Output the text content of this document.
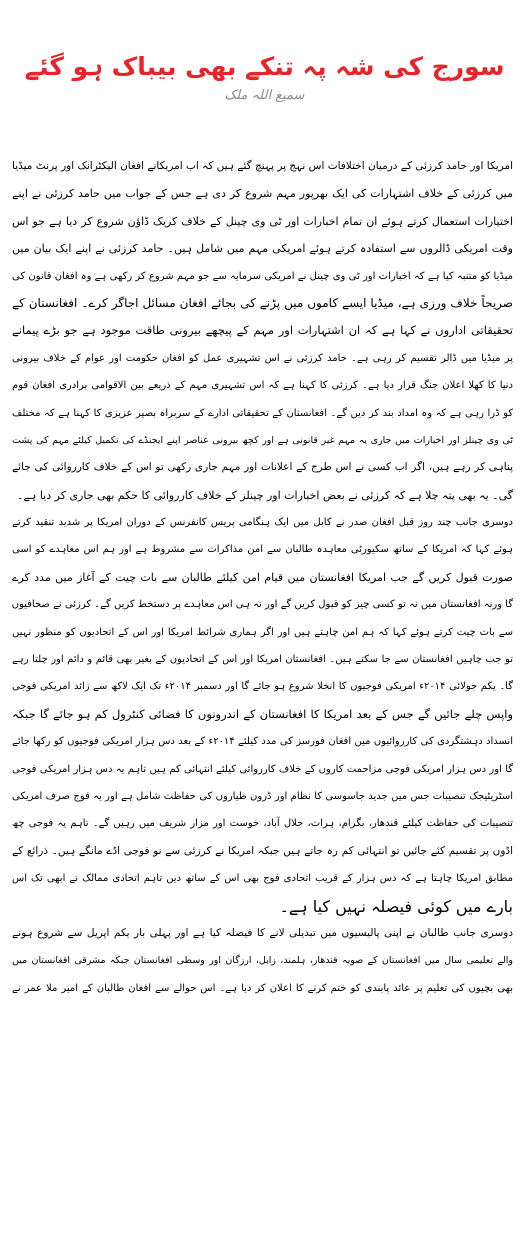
سورج کی شہ پہ تنکے بھی بیباک ہو گئے
سمیع اللہ ملک
امریکا اور حامد کرزئی کے درمیان اختلافات اس نہج پر پہنچ گئے ہیں کہ اب امریکانے افغان الیکٹرانک اور پرنٹ میڈیا
میں کرزئی کے خلاف اشتہارات کی ایک بھرپور مہم شروع کر دی ہے جس کے جواب میں حامد کرزئی نے اپنے
اختیارات استعمال کرتے ہوئے ان تمام اخبارات اور ٹی وی چینل کے خلاف کریک ڈاؤن شروع کر دیا ہے جو اس
وقت امریکی ڈالروں سے استفادہ کرتے ہوئے امریکی مہم میں شامل ہیں۔ حامد کرزئی نے اپنے ایک بیان میں
میڈیا کو متنبہ کیا ہے کہ اخبارات اور ٹی وی چینل نے امریکی سرمایہ سے جو مہم شروع کر رکھی ہے وہ افغان قانون کی
صریحاً خلاف ورزی ہے، میڈیا ایسے کاموں میں پڑنے کی بجائے افغان مسائل اجاگر کرے۔ افغانستان کے
تحقیقاتی اداروں نے کہا ہے کہ ان اشتہارات اور مہم کے پیچھے بیرونی طاقت موجود ہے جو بڑے پیمانے
پر میڈیا میں ڈالر تقسیم کر رہی ہے۔ حامد کرزئی نے اس تشہیری عمل کو افغان حکومت اور عوام کے خلاف بیرونی
دنیا کا کھلا اعلان جنگ قرار دیا ہے۔ کرزئی کا کہنا ہے کہ اس تشہیری مہم کے ذریعے بین الاقوامی برادری افغان قوم
کو ڈرا رہی ہے کہ وہ امداد بند کر دیں گے۔ افغانستان کے تحقیقاتی ادارے کے سربراہ بصیر عزیزی کا کہنا ہے کہ مختلف
ٹی وی چینلز اور اخبارات میں جاری یہ مہم غیر قانونی ہے اور کچھ بیرونی عناصر اپنے ایجنڈے کی تکمیل کیلئے مہم کی پشت
پناہی کر رہے ہیں، اگر اب کسی نے اس طرح کے اعلانات اور مہم جاری رکھی تو اس کے خلاف کارروائی کی جائے
گی۔ یہ بھی پتہ چلا ہے کہ کرزئی نے بعض اخبارات اور چینلز کے خلاف کارروائی کا حکم بھی جاری کر دیا ہے۔
دوسری جانب چند روز قبل افغان صدر نے کابل میں ایک ہنگامی پریس کانفرنس کے دوران امریکا پر شدید تنقید کرتے
ہوئے کہا کہ امریکا کے ساتھ سکیورٹی معاہدہ طالبان سے امن مذاکرات سے مشروط ہے اور ہم اس معاہدے کو اسی
صورت قبول کریں گے جب امریکا افغانستان میں قیام امن کیلئے طالبان سے بات چیت کے آغاز میں مدد کرے
گا ورنہ افغانستان میں نہ تو کسی چیز کو قبول کریں گے اور نہ ہی اس معاہدے پر دستخط کریں گے۔ کرزئی نے صحافیوں
سے بات چیت کرتے ہوئے کہا کہ ہم امن چاہتے ہیں اور اگر ہماری شرائط امریکا اور اس کے اتحادیوں کو منظور نہیں
تو جب چاہیں افغانستان سے جا سکتے ہیں۔ افغانستان امریکا اور اس کے اتحادیوں کے بغیر بھی قائم و دائم اور چلتا رہے
گا۔ یکم جولائی ۲۰۱۴ء امریکی فوجیوں کا انخلا شروع ہو جائے گا اور دسمبر ۲۰۱۴ء تک ایک لاکھ سے زائد امریکی فوجی
واپس چلے جائیں گے جس کے بعد امریکا کا افغانستان کے اندرونوں کا فضائی کنٹرول کم ہو جائے گا جبکہ
انسداد دہشتگردی کی کارروائیوں میں افغان فورسز کی مدد کیلئے ۲۰۱۴ء کے بعد دس ہزار امریکی فوجیوں کو رکھا جائے
گا اور دس ہزار امریکی فوجی مزاحمت کاروں کے خلاف کارروائی کیلئے انتہائی کم ہیں تاہم یہ دس ہزار امریکی فوجی
اسٹریٹیجک تنصیبات جس میں جدید جاسوسی کا نظام اور ڈرون طیاروں کی حفاظت شامل ہے اور یہ فوج صرف امریکی
تنصیبات کی حفاظت کیلئے قندھار، بگرام، ہرات، جلال آباد، خوست اور مزار شریف میں رہیں گے۔ تاہم یہ فوجی چھ
اڈوں پر تقسیم کئے جائیں تو انتہائی کم رہ جاتے ہیں جبکہ امریکا نے کرزئی سے نو فوجی اڈے مانگے ہیں۔ ذرائع کے
مطابق امریکا چاہتا ہے کہ دس ہزار کے قریب اتحادی فوج بھی اس کے ساتھ دیں تاہم اتحادی ممالک نے ابھی تک اس
بارے میں کوئی فیصلہ نہیں کیا ہے۔
دوسری جانب طالبان نے اپنی پالیسیوں میں تبدیلی لانے کا فیصلہ کیا ہے اور پہلی بار یکم اپریل سے شروع ہونے
والے تعلیمی سال میں افغانستان کے صوبہ قندھار، ہلمند، زابل، ارزگان اور وسطی افغانستان جبکہ مشرقی افغانستان میں
بھی بچیوں کی تعلیم پر عائد پابندی کو ختم کرنے کا اعلان کر دیا ہے۔ اس حوالے سے افغان طالبان کے امیر ملا عمر نے
